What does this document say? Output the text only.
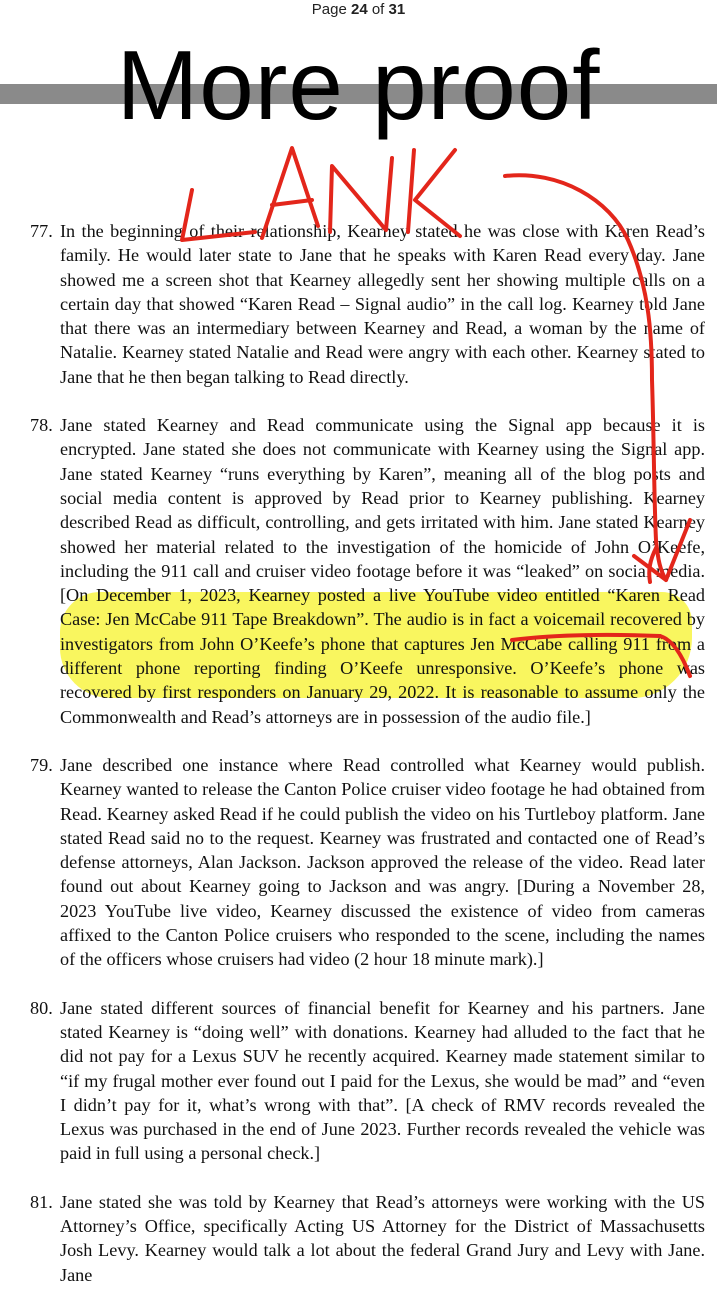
Page 24 of 31
More proof
77. In the beginning of their relationship, Kearney stated he was close with Karen Read’s family. He would later state to Jane that he speaks with Karen Read every day. Jane showed me a screen shot that Kearney allegedly sent her showing multiple calls on a certain day that showed “Karen Read – Signal audio” in the call log. Kearney told Jane that there was an intermediary between Kearney and Read, a woman by the name of Natalie. Kearney stated Natalie and Read were angry with each other. Kearney stated to Jane that he then began talking to Read directly.
78. Jane stated Kearney and Read communicate using the Signal app because it is encrypted. Jane stated she does not communicate with Kearney using the Signal app. Jane stated Kearney “runs everything by Karen”, meaning all of the blog posts and social media content is approved by Read prior to Kearney publishing. Kearney described Read as difficult, controlling, and gets irritated with him. Jane stated Kearney showed her material related to the investigation of the homicide of John O’Keefe, including the 911 call and cruiser video footage before it was “leaked” on social media. [On December 1, 2023, Kearney posted a live YouTube video entitled “Karen Read Case: Jen McCabe 911 Tape Breakdown”. The audio is in fact a voicemail recovered by investigators from John O’Keefe’s phone that captures Jen McCabe calling 911 from a different phone reporting finding O’Keefe unresponsive. O’Keefe’s phone was recovered by first responders on January 29, 2022. It is reasonable to assume only the Commonwealth and Read’s attorneys are in possession of the audio file.]
79. Jane described one instance where Read controlled what Kearney would publish. Kearney wanted to release the Canton Police cruiser video footage he had obtained from Read. Kearney asked Read if he could publish the video on his Turtleboy platform. Jane stated Read said no to the request. Kearney was frustrated and contacted one of Read’s defense attorneys, Alan Jackson. Jackson approved the release of the video. Read later found out about Kearney going to Jackson and was angry. [During a November 28, 2023 YouTube live video, Kearney discussed the existence of video from cameras affixed to the Canton Police cruisers who responded to the scene, including the names of the officers whose cruisers had video (2 hour 18 minute mark).]
80. Jane stated different sources of financial benefit for Kearney and his partners. Jane stated Kearney is “doing well” with donations. Kearney had alluded to the fact that he did not pay for a Lexus SUV he recently acquired. Kearney made statement similar to “if my frugal mother ever found out I paid for the Lexus, she would be mad” and “even I didn’t pay for it, what’s wrong with that”. [A check of RMV records revealed the Lexus was purchased in the end of June 2023. Further records revealed the vehicle was paid in full using a personal check.]
81. Jane stated she was told by Kearney that Read’s attorneys were working with the US Attorney’s Office, specifically Acting US Attorney for the District of Massachusetts Josh Levy. Kearney would talk a lot about the federal Grand Jury and Levy with Jane. Jane
